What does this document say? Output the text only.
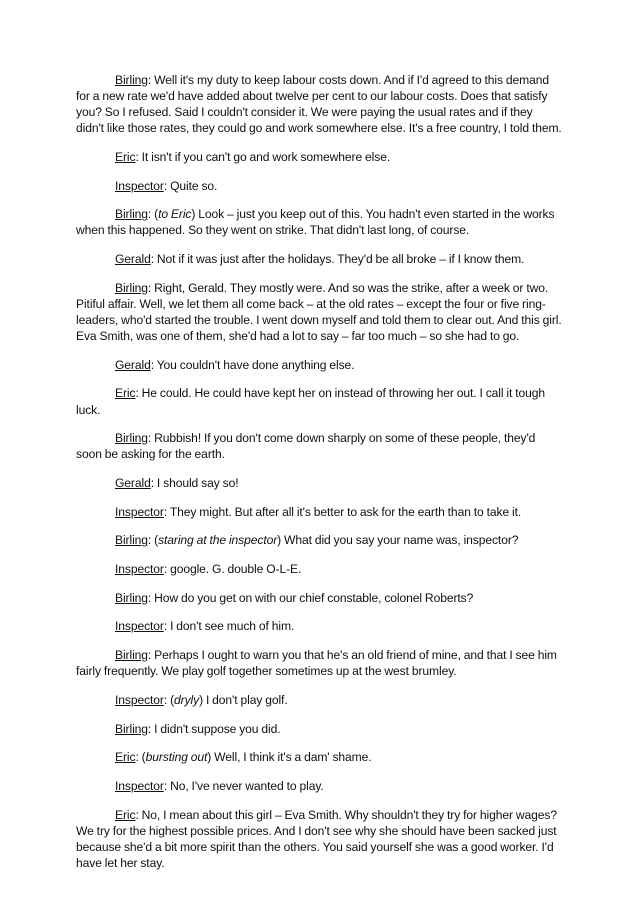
Birling: Well it's my duty to keep labour costs down. And if I'd agreed to this demand for a new rate we'd have added about twelve per cent to our labour costs. Does that satisfy you? So I refused. Said I couldn't consider it. We were paying the usual rates and if they didn't like those rates, they could go and work somewhere else. It's a free country, I told them.

Eric: It isn't if you can't go and work somewhere else.

Inspector: Quite so.

Birling: (to Eric) Look – just you keep out of this. You hadn't even started in the works when this happened. So they went on strike. That didn't last long, of course.

Gerald: Not if it was just after the holidays. They'd be all broke – if I know them.

Birling: Right, Gerald. They mostly were. And so was the strike, after a week or two. Pitiful affair. Well, we let them all come back – at the old rates – except the four or five ring-leaders, who'd started the trouble. I went down myself and told them to clear out. And this girl. Eva Smith, was one of them, she'd had a lot to say – far too much – so she had to go.

Gerald: You couldn't have done anything else.

Eric: He could. He could have kept her on instead of throwing her out. I call it tough luck.

Birling: Rubbish! If you don't come down sharply on some of these people, they'd soon be asking for the earth.

Gerald: I should say so!

Inspector: They might. But after all it's better to ask for the earth than to take it.

Birling: (staring at the inspector) What did you say your name was, inspector?

Inspector: google. G. double O-L-E.

Birling: How do you get on with our chief constable, colonel Roberts?

Inspector: I don't see much of him.

Birling: Perhaps I ought to warn you that he's an old friend of mine, and that I see him fairly frequently. We play golf together sometimes up at the west brumley.

Inspector: (dryly) I don't play golf.

Birling: I didn't suppose you did.

Eric: (bursting out) Well, I think it's a dam' shame.

Inspector: No, I've never wanted to play.

Eric: No, I mean about this girl – Eva Smith. Why shouldn't they try for higher wages? We try for the highest possible prices. And I don't see why she should have been sacked just because she'd a bit more spirit than the others. You said yourself she was a good worker. I'd have let her stay.
